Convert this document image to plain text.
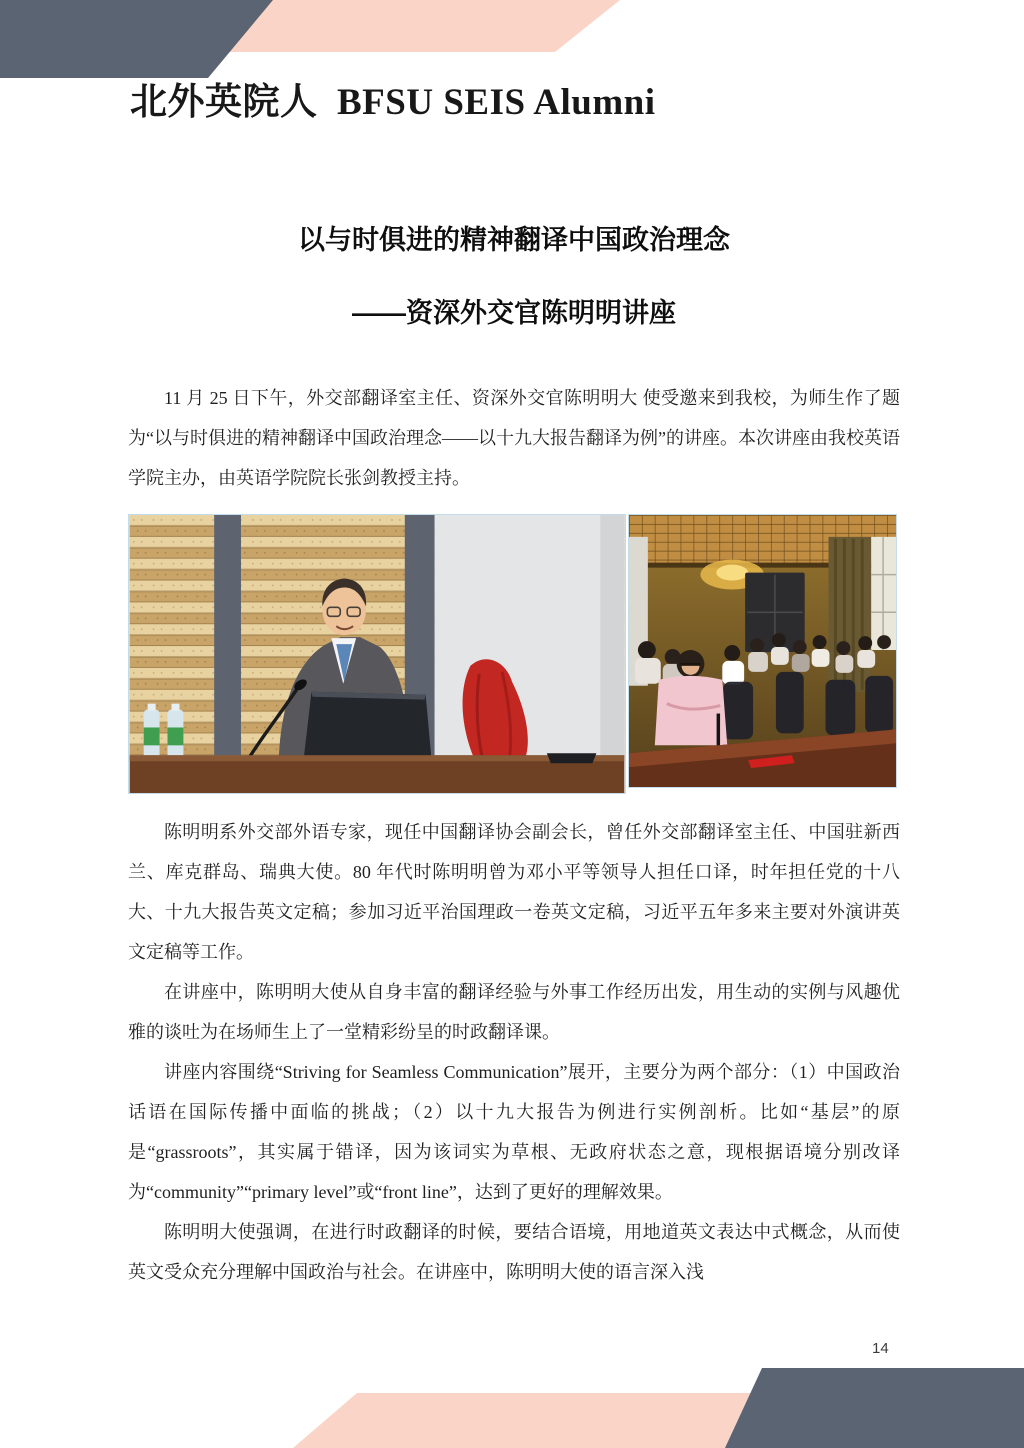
北外英院人  BFSU SEIS Alumni
以与时俱进的精神翻译中国政治理念
——资深外交官陈明明讲座

11 月 25 日下午，外交部翻译室主任、资深外交官陈明明大 使受邀来到我校，为师生作了题为“以与时俱进的精神翻译中国政治理念——以十九大报告翻译为例”的讲座。本次讲座由我校英语学院主办，由英语学院院长张剑教授主持。

陈明明系外交部外语专家，现任中国翻译协会副会长，曾任外交部翻译室主任、中国驻新西兰、库克群岛、瑞典大使。80 年代时陈明明曾为邓小平等领导人担任口译，时年担任党的十八大、十九大报告英文定稿；参加习近平治国理政一卷英文定稿，习近平五年多来主要对外演讲英文定稿等工作。

在讲座中，陈明明大使从自身丰富的翻译经验与外事工作经历出发，用生动的实例与风趣优雅的谈吐为在场师生上了一堂精彩纷呈的时政翻译课。

讲座内容围绕“Striving for Seamless Communication”展开，主要分为两个部分：（1）中国政治话语在国际传播中面临的挑战；（2）以十九大报告为例进行实例剖析。比如“基层”的原是“grassroots”，其实属于错译，因为该词实为草根、无政府状态之意，现根据语境分别改译为“community”“primary level”或“front line”，达到了更好的理解效果。

陈明明大使强调，在进行时政翻译的时候，要结合语境，用地道英文表达中式概念，从而使英文受众充分理解中国政治与社会。在讲座中，陈明明大使的语言深入浅

14
